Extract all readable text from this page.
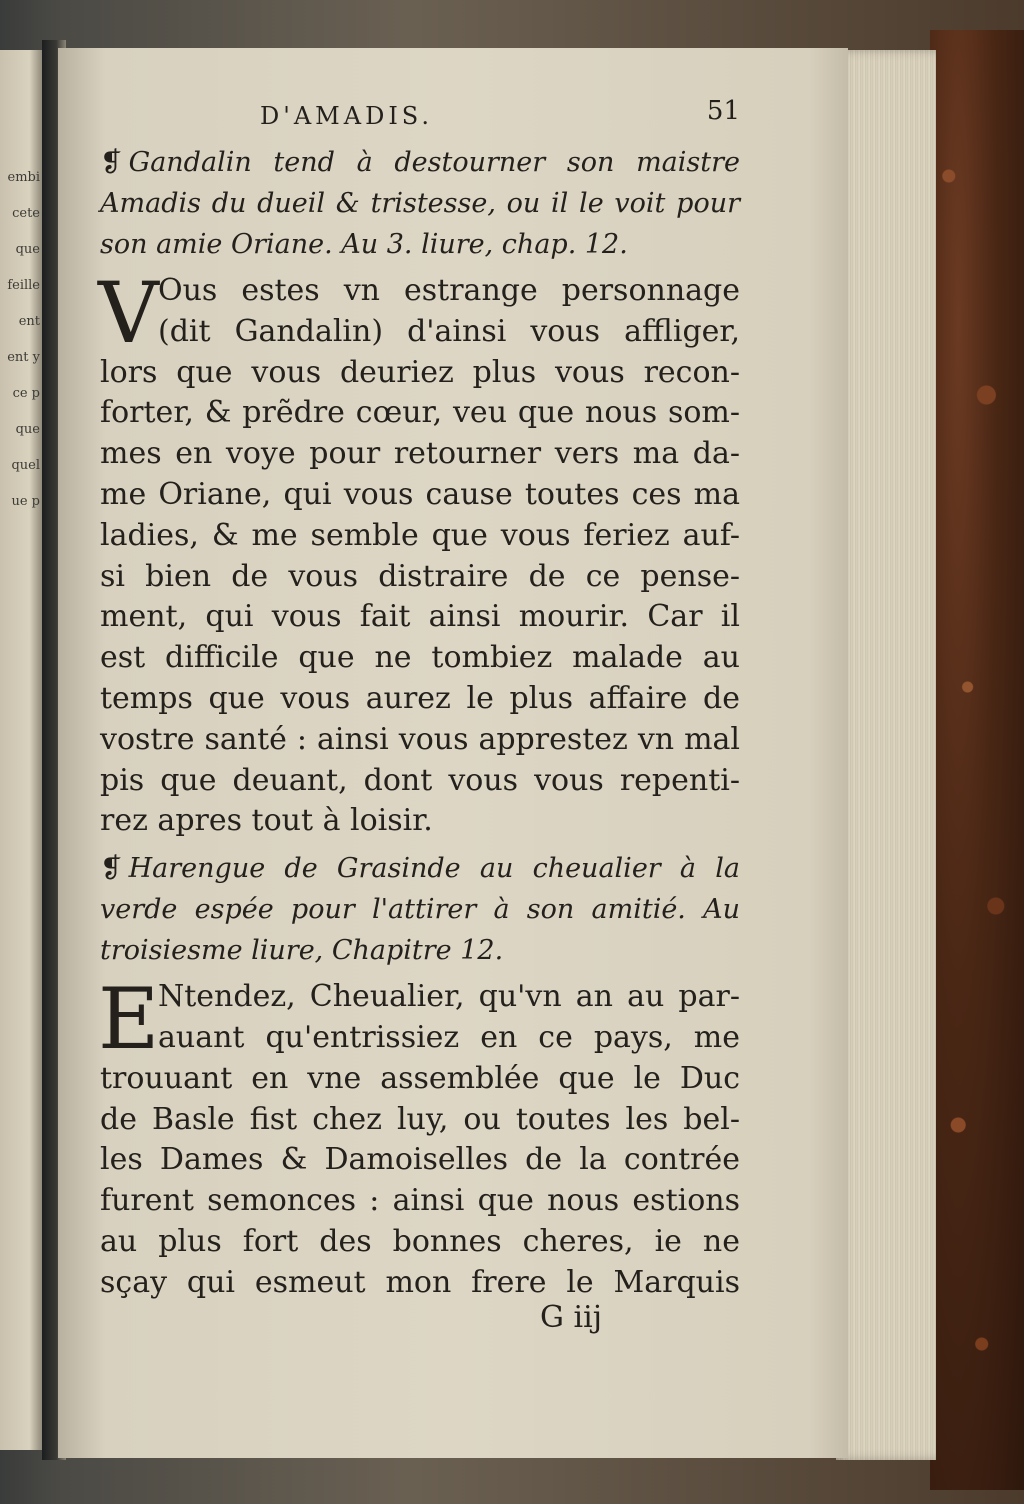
embi
cete
que
feille
ent
ent y
ce p
que
quel
ue p
D'AMADIS.	51

❡ Gandalin tend à destourner son maistre Amadis du dueil & tristesse, ou il le voit pour son amie Oriane. Au 3. liure, chap. 12.

V Ous estes vn estrange personnage

(dit Gandalin) d'ainsi vous affliger,

lors que vous deuriez plus vous recon-

forter, & prẽdre cœur, veu que nous som-

mes en voye pour retourner vers ma da-

me Oriane, qui vous cause toutes ces ma

ladies, & me semble que vous feriez auf-

si bien de vous distraire de ce pense-

ment, qui vous fait ainsi mourir. Car il

est difficile que ne tombiez malade au

temps que vous aurez le plus affaire de

vostre santé : ainsi vous apprestez vn mal

pis que deuant, dont vous vous repenti-

rez apres tout à loisir.

❡ Harengue de Grasinde au cheualier à la verde espée pour l'attirer à son amitié. Au troisiesme liure, Chapitre 12.

E

Ntendez, Cheualier, qu'vn an au par-

auant qu'entrissiez en ce pays, me

trouuant en vne assemblée que le Duc

de Basle fist chez luy, ou toutes les bel-

les Dames & Damoiselles de la contrée

furent semonces : ainsi que nous estions

au plus fort des bonnes cheres, ie ne

sçay qui esmeut mon frere le Marquis

G iij
